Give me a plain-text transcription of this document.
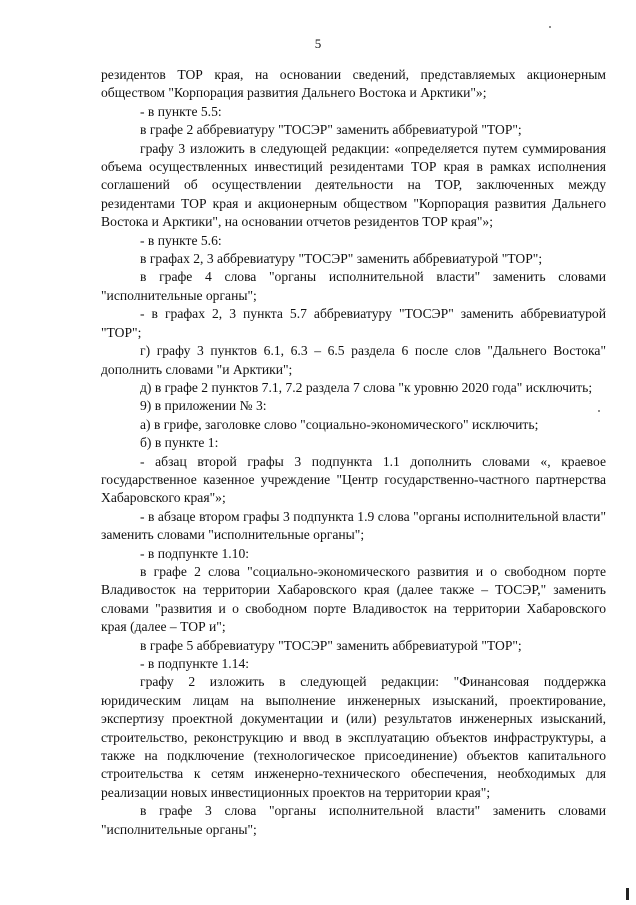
5

резидентов ТОР края, на основании сведений, представляемых акционерным обществом "Корпорация развития Дальнего Востока и Арктики"»;

- в пункте 5.5:

в графе 2 аббревиатуру "ТОСЭР" заменить аббревиатурой "ТОР";

графу 3 изложить в следующей редакции: «определяется путем суммирования объема осуществленных инвестиций резидентами ТОР края в рамках исполнения соглашений об осуществлении деятельности на ТОР, заключенных между резидентами ТОР края и акционерным обществом "Корпорация развития Дальнего Востока и Арктики", на основании отчетов резидентов ТОР края"»;

- в пункте 5.6:

в графах 2, 3 аббревиатуру "ТОСЭР" заменить аббревиатурой "ТОР";

в графе 4 слова "органы исполнительной власти" заменить словами "исполнительные органы";

- в графах 2, 3 пункта 5.7 аббревиатуру "ТОСЭР" заменить аббревиатурой "ТОР";

г) графу 3 пунктов 6.1, 6.3 – 6.5 раздела 6 после слов "Дальнего Востока" дополнить словами "и Арктики";

д) в графе 2 пунктов 7.1, 7.2 раздела 7 слова "к уровню 2020 года" исключить;

9) в приложении № 3:

а) в грифе, заголовке слово "социально-экономического" исключить;

б) в пункте 1:

- абзац второй графы 3 подпункта 1.1 дополнить словами «, краевое государственное казенное учреждение "Центр государственно-частного партнерства Хабаровского края"»;

- в абзаце втором графы 3 подпункта 1.9 слова "органы исполнительной власти" заменить словами "исполнительные органы";

- в подпункте 1.10:

в графе 2 слова "социально-экономического развития и о свободном порте Владивосток на территории Хабаровского края (далее также – ТОСЭР," заменить словами "развития и о свободном порте Владивосток на территории Хабаровского края (далее – ТОР и";

в графе 5 аббревиатуру "ТОСЭР" заменить аббревиатурой "ТОР";

- в подпункте 1.14:

графу 2 изложить в следующей редакции: "Финансовая поддержка юридическим лицам на выполнение инженерных изысканий, проектирование, экспертизу проектной документации и (или) результатов инженерных изысканий, строительство, реконструкцию и ввод в эксплуатацию объектов инфраструктуры, а также на подключение (технологическое присоединение) объектов капитального строительства к сетям инженерно-технического обеспечения, необходимых для реализации новых инвестиционных проектов на территории края";

в графе 3 слова "органы исполнительной власти" заменить словами "исполнительные органы";
